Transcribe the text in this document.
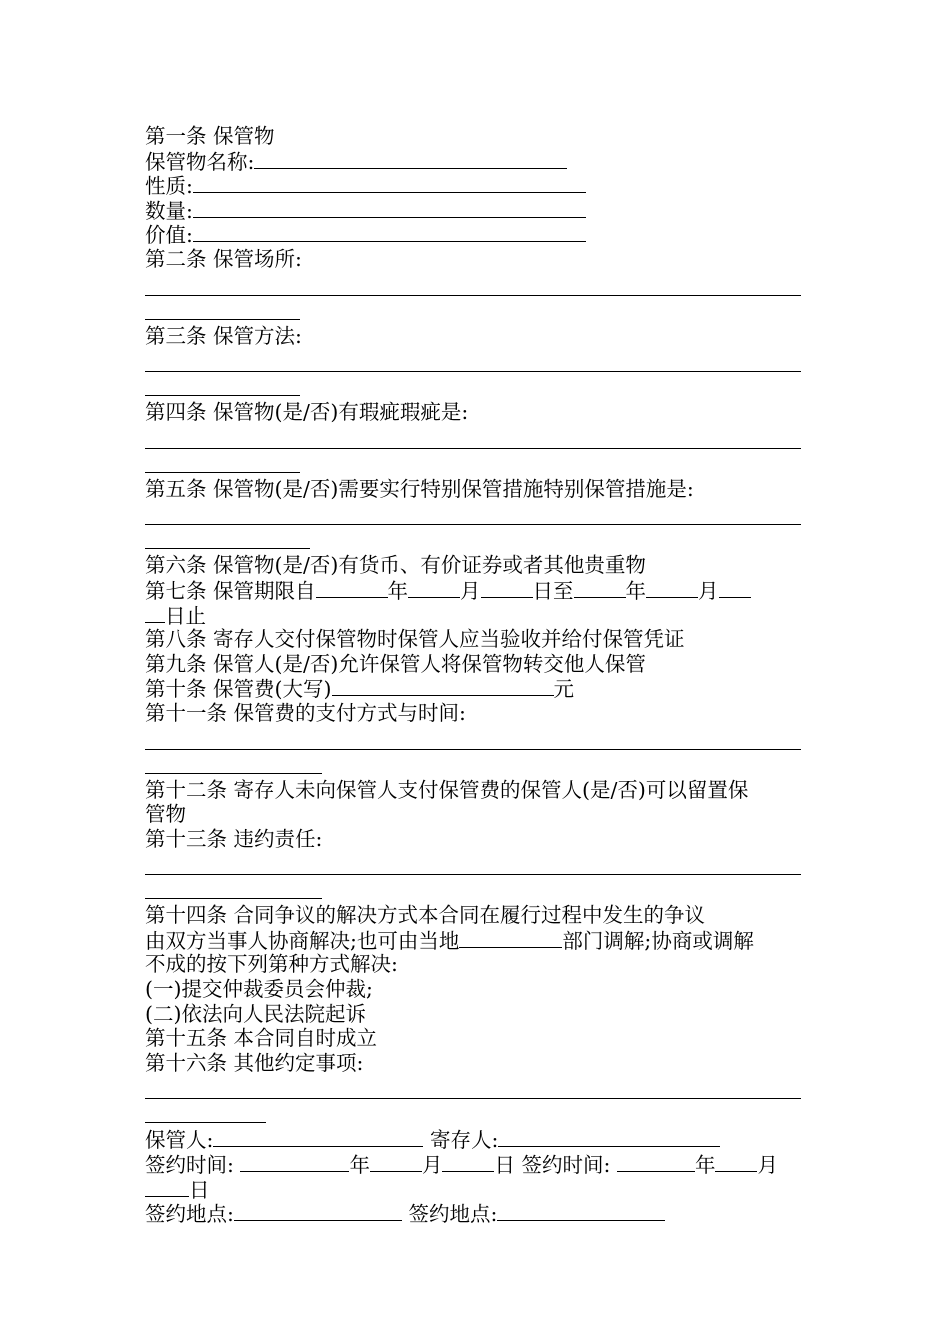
第一条 保管物
保管物名称:
性质:
数量:
价值:
第二条 保管场所:
第三条 保管方法:
第四条 保管物(是/否)有瑕疵瑕疵是:
第五条 保管物(是/否)需要实行特别保管措施特别保管措施是:
第六条 保管物(是/否)有货币、有价证券或者其他贵重物
第七条 保管期限自	年	月	日至	年	月
日止
第八条 寄存人交付保管物时保管人应当验收并给付保管凭证
第九条 保管人(是/否)允许保管人将保管物转交他人保管
第十条 保管费(大写)	元
第十一条 保管费的支付方式与时间:
第十二条 寄存人未向保管人支付保管费的保管人(是/否)可以留置保
管物
第十三条 违约责任:
第十四条 合同争议的解决方式本合同在履行过程中发生的争议
由双方当事人协商解决;也可由当地	部门调解;协商或调解
不成的按下列第种方式解决:
(一)提交仲裁委员会仲裁;
(二)依法向人民法院起诉
第十五条 本合同自时成立
第十六条 其他约定事项:
保管人:	寄存人:
签约时间:	年	月	日 签约时间:	年 月
日
签约地点:	签约地点:
